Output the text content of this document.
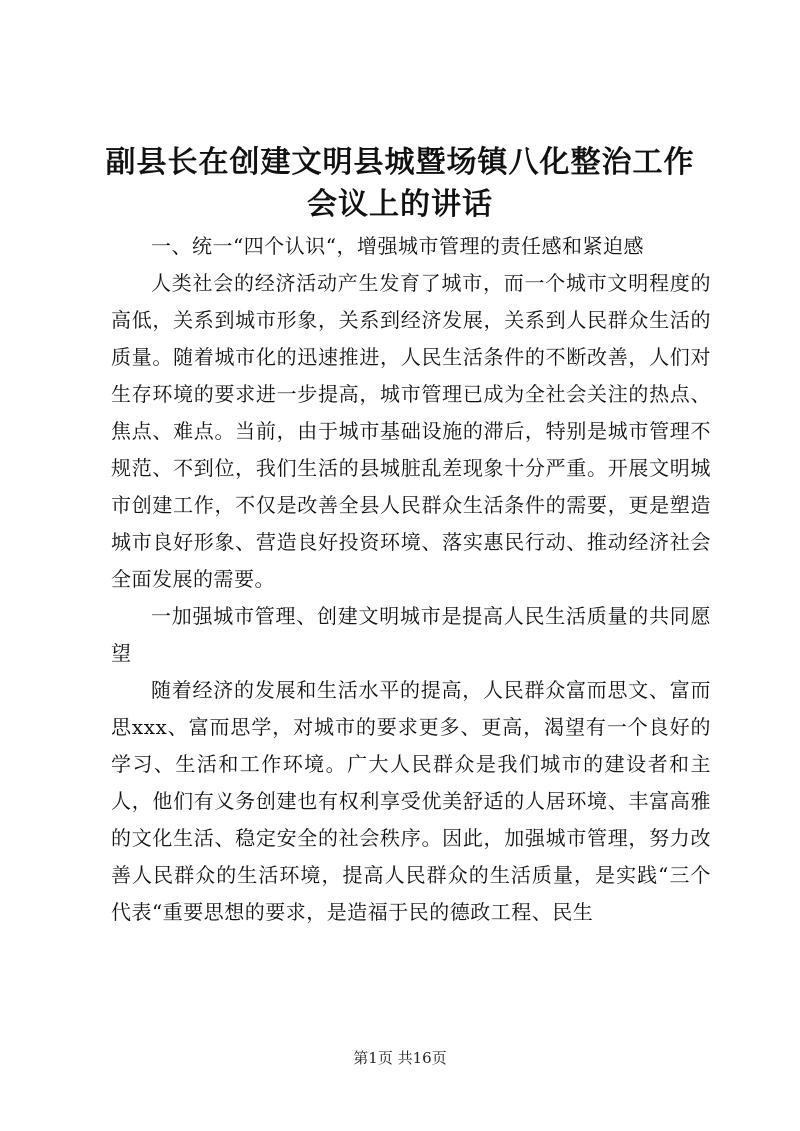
副县长在创建文明县城暨场镇八化整治工作会议上的讲话

一、统一“四个认识“，增强城市管理的责任感和紧迫感

人类社会的经济活动产生发育了城市，而一个城市文明程度的高低，关系到城市形象，关系到经济发展，关系到人民群众生活的质量。随着城市化的迅速推进，人民生活条件的不断改善，人们对生存环境的要求进一步提高，城市管理已成为全社会关注的热点、焦点、难点。当前，由于城市基础设施的滞后，特别是城市管理不规范、不到位，我们生活的县城脏乱差现象十分严重。开展文明城市创建工作，不仅是改善全县人民群众生活条件的需要，更是塑造城市良好形象、营造良好投资环境、落实惠民行动、推动经济社会全面发展的需要。

一加强城市管理、创建文明城市是提高人民生活质量的共同愿望

随着经济的发展和生活水平的提高，人民群众富而思文、富而思xxx、富而思学，对城市的要求更多、更高，渴望有一个良好的学习、生活和工作环境。广大人民群众是我们城市的建设者和主人，他们有义务创建也有权利享受优美舒适的人居环境、丰富高雅的文化生活、稳定安全的社会秩序。因此，加强城市管理，努力改善人民群众的生活环境，提高人民群众的生活质量，是实践“三个代表“重要思想的要求，是造福于民的德政工程、民生

第1页 共16页
